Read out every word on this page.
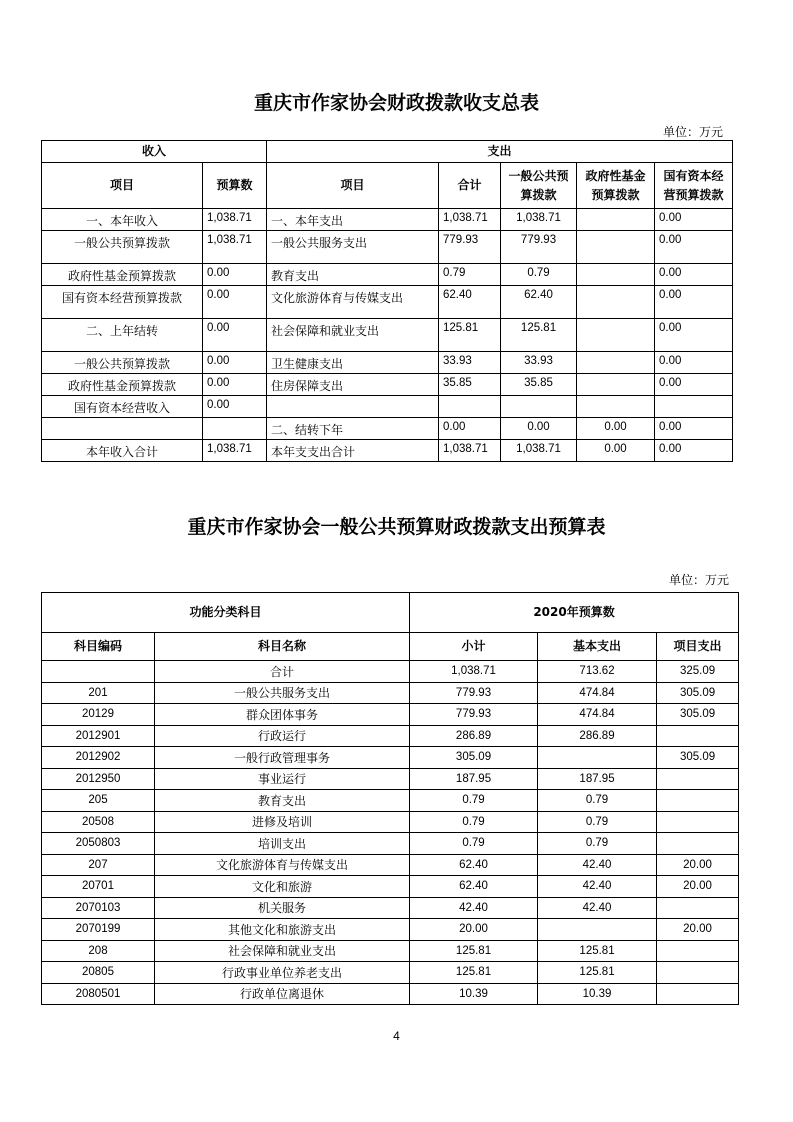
重庆市作家协会财政拨款收支总表
单位：万元
收入		支出				
项目	预算数	项目	合计	一般公共预算拨款	政府性基金预算拨款	国有资本经营预算拨款
一、本年收入	1,038.71	一、本年支出	1,038.71	1,038.71		0.00
一般公共预算拨款	1,038.71	一般公共服务支出	779.93	779.93		0.00
政府性基金预算拨款	0.00	教育支出	0.79	0.79		0.00
国有资本经营预算拨款	0.00	文化旅游体育与传媒支出	62.40	62.40		0.00
二、上年结转	0.00	社会保障和就业支出	125.81	125.81		0.00
一般公共预算拨款	0.00	卫生健康支出	33.93	33.93		0.00
政府性基金预算拨款	0.00	住房保障支出	35.85	35.85		0.00
国有资本经营收入	0.00					
		二、结转下年	0.00	0.00	0.00	0.00
本年收入合计	1,038.71	本年支支出合计	1,038.71	1,038.71	0.00	0.00
重庆市作家协会一般公共预算财政拨款支出预算表
单位：万元
功能分类科目		2020年预算数		
科目编码	科目名称	小计	基本支出	项目支出
	合计	1,038.71	713.62	325.09
201	一般公共服务支出	779.93	474.84	305.09
20129	群众团体事务	779.93	474.84	305.09
2012901	行政运行	286.89	286.89	
2012902	一般行政管理事务	305.09		305.09
2012950	事业运行	187.95	187.95	
205	教育支出	0.79	0.79	
20508	进修及培训	0.79	0.79	
2050803	培训支出	0.79	0.79	
207	文化旅游体育与传媒支出	62.40	42.40	20.00
20701	文化和旅游	62.40	42.40	20.00
2070103	机关服务	42.40	42.40	
2070199	其他文化和旅游支出	20.00		20.00
208	社会保障和就业支出	125.81	125.81	
20805	行政事业单位养老支出	125.81	125.81	
2080501	行政单位离退休	10.39	10.39	
4
